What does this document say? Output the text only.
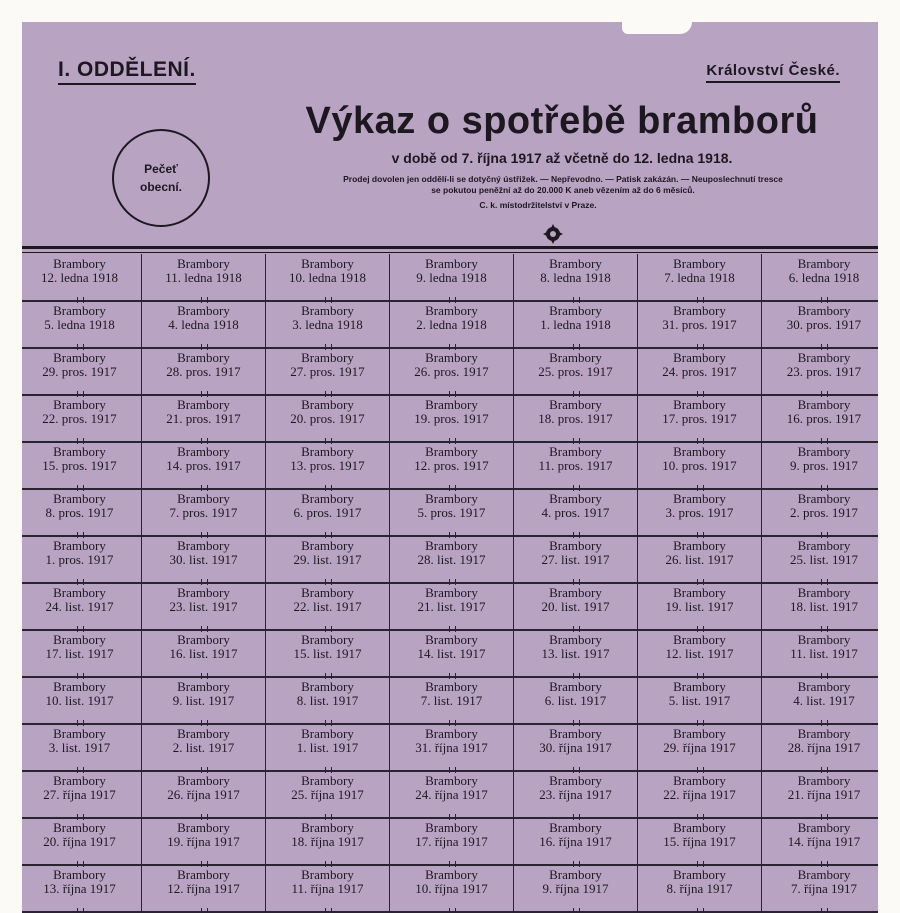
I. ODDĚLENÍ.	Království České.
Pečeť
obecní.
Výkaz o spotřebě bramborů
v době od 7. října 1917 až včetně do 12. ledna 1918.
Prodej dovolen jen oddělí-li se dotyčný ústřižek. — Nepřevodno. — Patisk zakázán. — Neuposlechnutí tresce
se pokutou peněžní až do 20.000 K aneb vězením až do 6 měsíců.
C. k. místodržitelství v Praze.
Brambory
12. ledna 1918
Brambory
11. ledna 1918
Brambory
10. ledna 1918
Brambory
9. ledna 1918
Brambory
8. ledna 1918
Brambory
7. ledna 1918
Brambory
6. ledna 1918
Brambory
5. ledna 1918
Brambory
4. ledna 1918
Brambory
3. ledna 1918
Brambory
2. ledna 1918
Brambory
1. ledna 1918
Brambory
31. pros. 1917
Brambory
30. pros. 1917
Brambory
29. pros. 1917
Brambory
28. pros. 1917
Brambory
27. pros. 1917
Brambory
26. pros. 1917
Brambory
25. pros. 1917
Brambory
24. pros. 1917
Brambory
23. pros. 1917
Brambory
22. pros. 1917
Brambory
21. pros. 1917
Brambory
20. pros. 1917
Brambory
19. pros. 1917
Brambory
18. pros. 1917
Brambory
17. pros. 1917
Brambory
16. pros. 1917
Brambory
15. pros. 1917
Brambory
14. pros. 1917
Brambory
13. pros. 1917
Brambory
12. pros. 1917
Brambory
11. pros. 1917
Brambory
10. pros. 1917
Brambory
9. pros. 1917
Brambory
8. pros. 1917
Brambory
7. pros. 1917
Brambory
6. pros. 1917
Brambory
5. pros. 1917
Brambory
4. pros. 1917
Brambory
3. pros. 1917
Brambory
2. pros. 1917
Brambory
1. pros. 1917
Brambory
30. list. 1917
Brambory
29. list. 1917
Brambory
28. list. 1917
Brambory
27. list. 1917
Brambory
26. list. 1917
Brambory
25. list. 1917
Brambory
24. list. 1917
Brambory
23. list. 1917
Brambory
22. list. 1917
Brambory
21. list. 1917
Brambory
20. list. 1917
Brambory
19. list. 1917
Brambory
18. list. 1917
Brambory
17. list. 1917
Brambory
16. list. 1917
Brambory
15. list. 1917
Brambory
14. list. 1917
Brambory
13. list. 1917
Brambory
12. list. 1917
Brambory
11. list. 1917
Brambory
10. list. 1917
Brambory
9. list. 1917
Brambory
8. list. 1917
Brambory
7. list. 1917
Brambory
6. list. 1917
Brambory
5. list. 1917
Brambory
4. list. 1917
Brambory
3. list. 1917
Brambory
2. list. 1917
Brambory
1. list. 1917
Brambory
31. října 1917
Brambory
30. října 1917
Brambory
29. října 1917
Brambory
28. října 1917
Brambory
27. října 1917
Brambory
26. října 1917
Brambory
25. října 1917
Brambory
24. října 1917
Brambory
23. října 1917
Brambory
22. října 1917
Brambory
21. října 1917
Brambory
20. října 1917
Brambory
19. října 1917
Brambory
18. října 1917
Brambory
17. října 1917
Brambory
16. října 1917
Brambory
15. října 1917
Brambory
14. října 1917
Brambory
13. října 1917
Brambory
12. října 1917
Brambory
11. října 1917
Brambory
10. října 1917
Brambory
9. října 1917
Brambory
8. října 1917
Brambory
7. října 1917
